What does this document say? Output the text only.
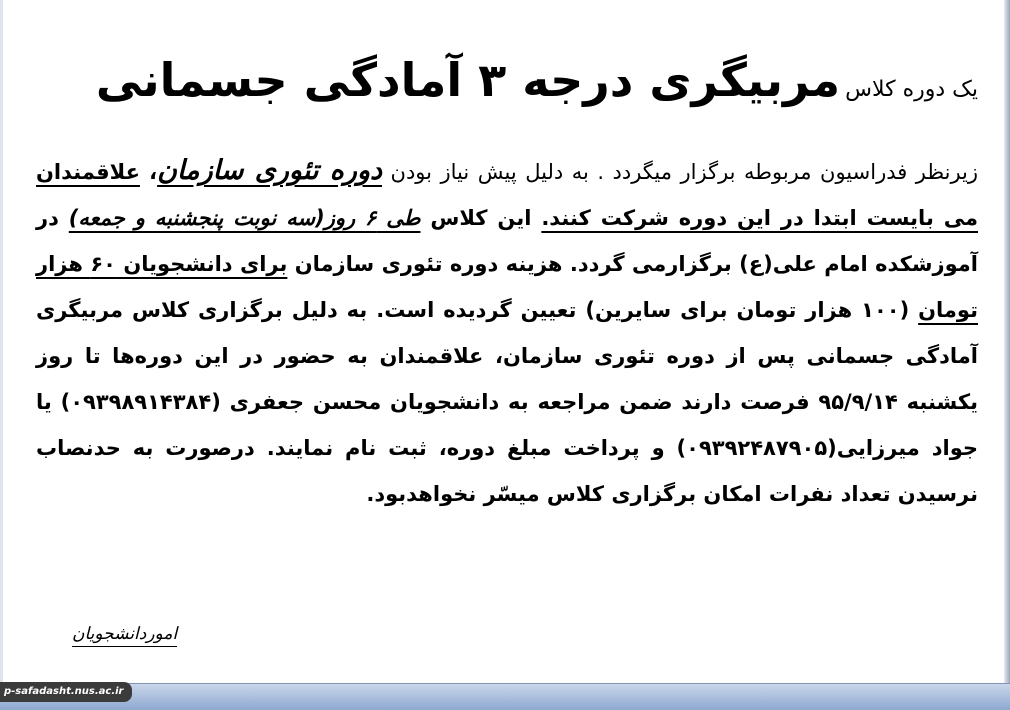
یک دوره کلاس مربیگری درجه ۳ آمادگی جسمانی
زیرنظر فدراسیون مربوطه برگزار میگردد . به دلیل پیش نیاز بودن دوره تئوری سازمان، علاقمندان می بایست ابتدا در این دوره شرکت کنند. این کلاس طی ۶ روز(سه نوبت پنجشنبه و جمعه) در آموزشکده امام علی(ع) برگزارمی گردد. هزینه دوره تئوری سازمان برای دانشجویان ۶۰ هزار تومان (۱۰۰ هزار تومان برای سایرین) تعیین گردیده است. به دلیل برگزاری کلاس مربیگری آمادگی جسمانی پس از دوره تئوری سازمان، علاقمندان به حضور در این دوره‌ها تا روز یکشنبه ۹۵/۹/۱۴ فرصت دارند ضمن مراجعه به دانشجویان محسن جعفری (۰۹۳۹۸۹۱۴۳۸۴) یا جواد میرزایی(۰۹۳۹۲۴۸۷۹۰۵) و پرداخت مبلغ دوره، ثبت نام نمایند. درصورت به حدنصاب نرسیدن تعداد نفرات امکان برگزاری کلاس میسّر نخواهدبود.
اموردانشجویان
p-safadasht.nus.ac.ir
